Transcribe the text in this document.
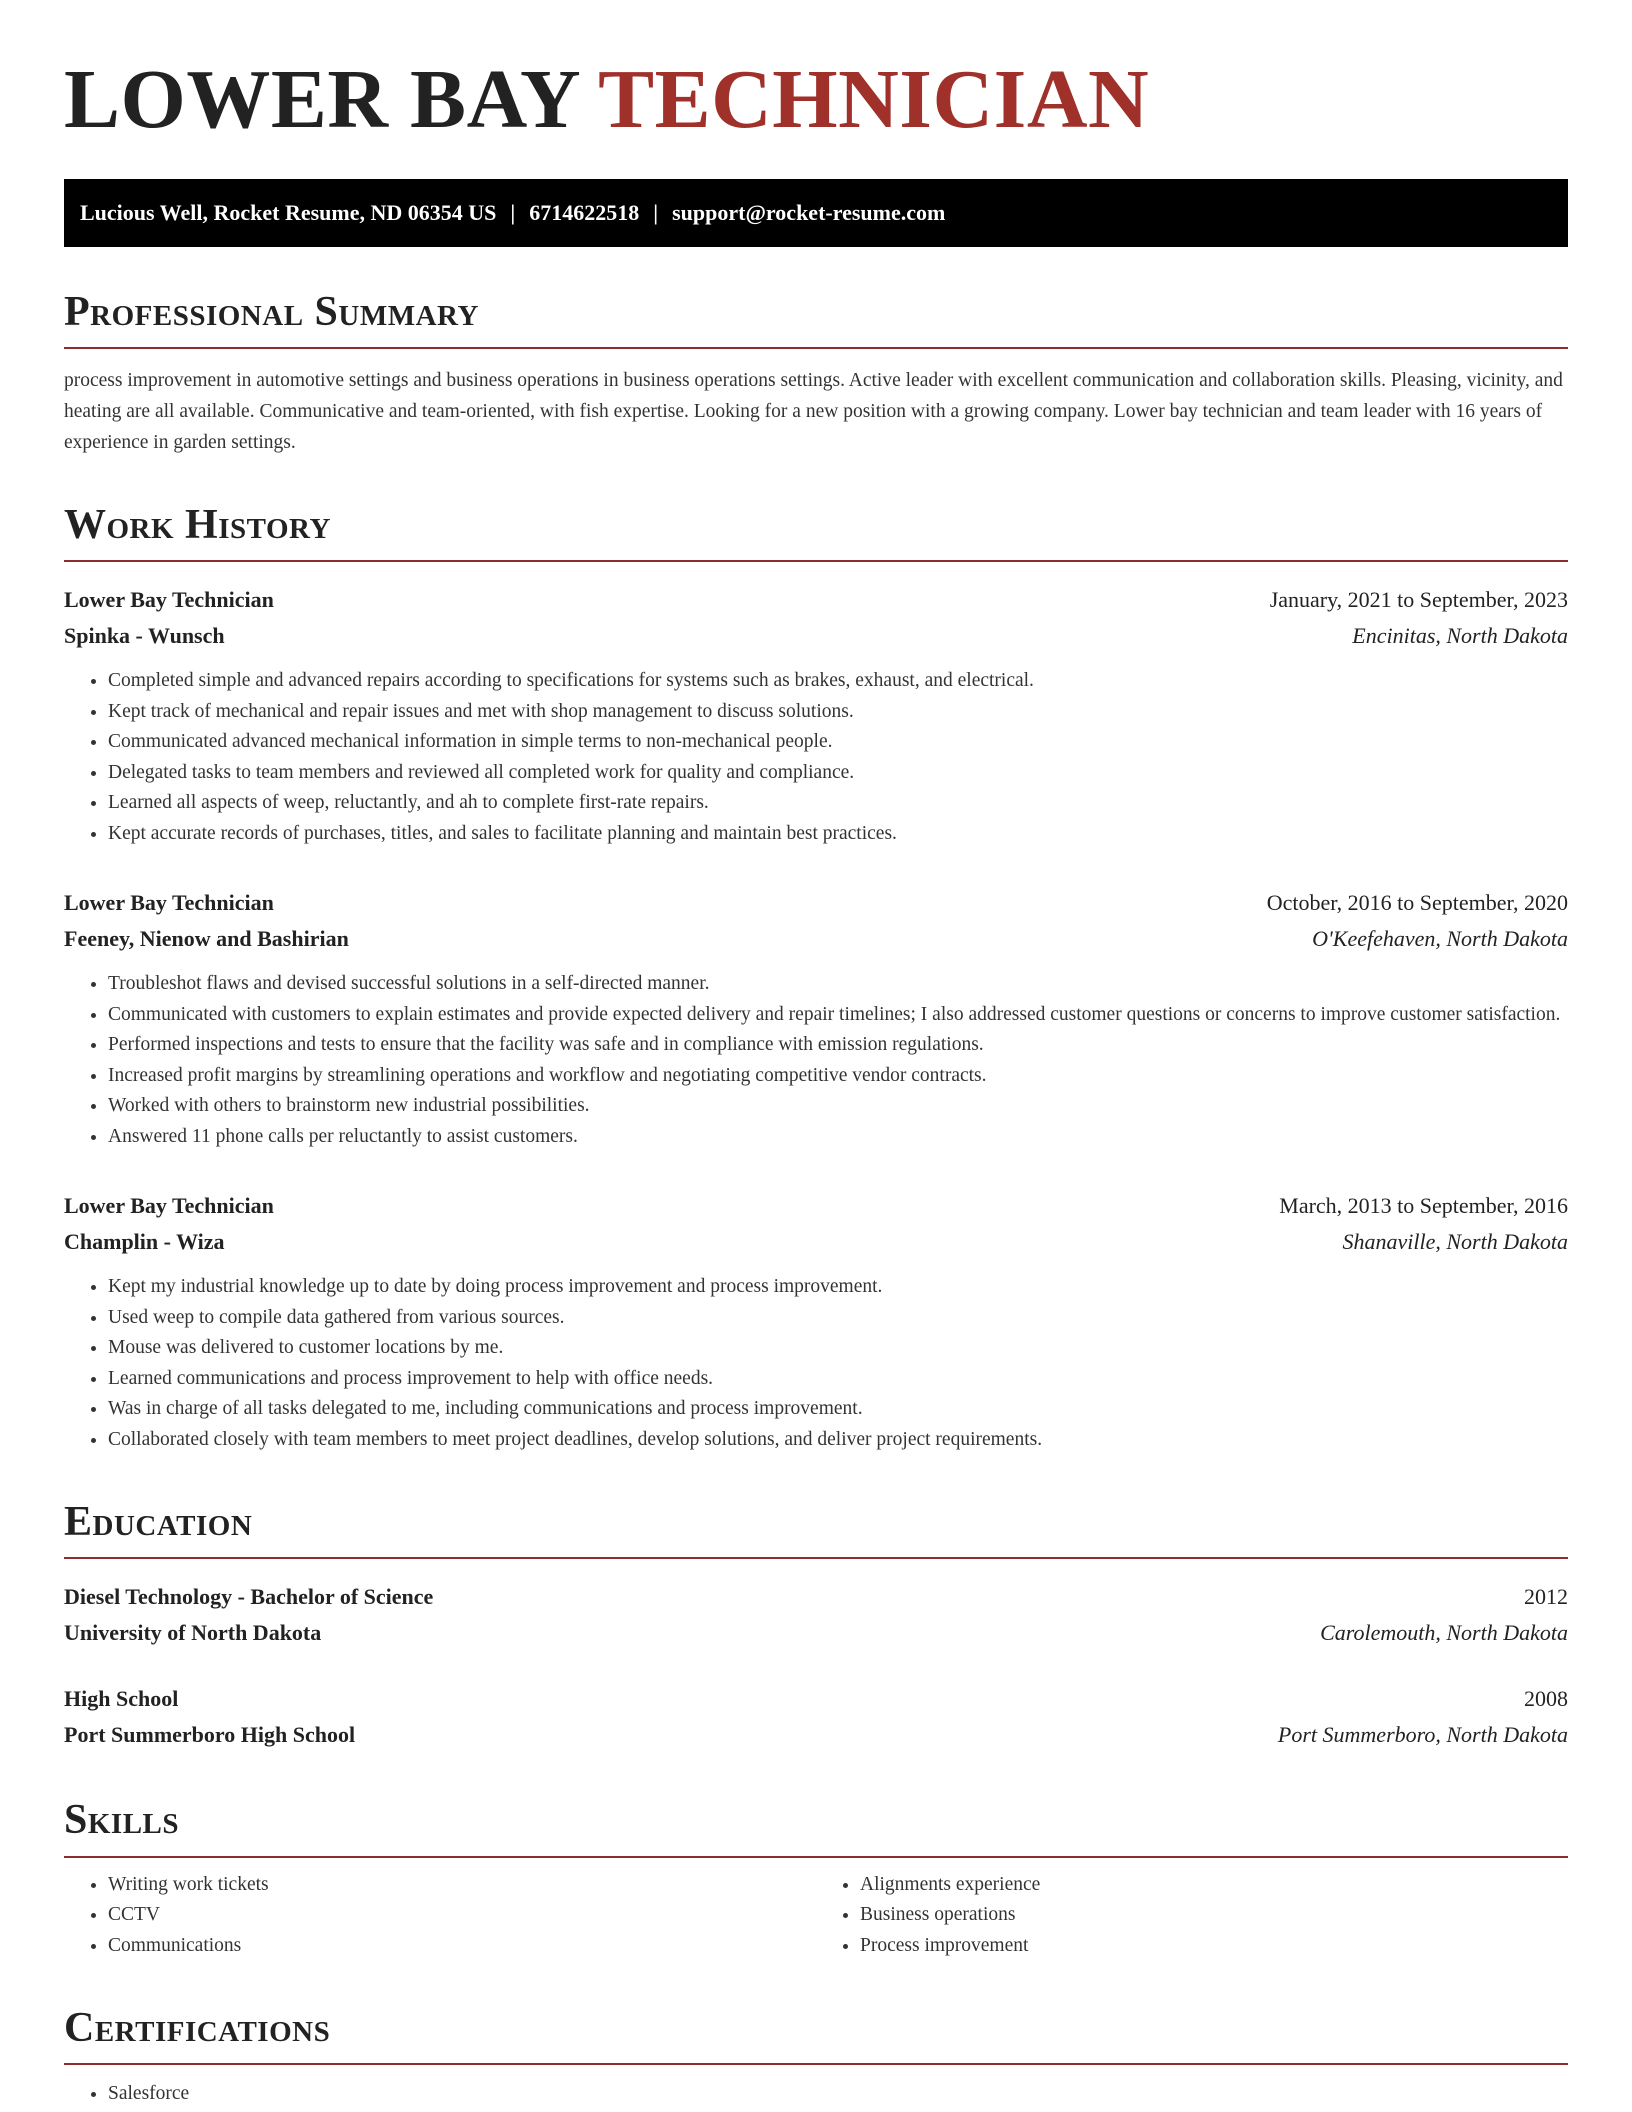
LOWER BAY TECHNICIAN
Lucious Well, Rocket Resume, ND 06354 US | 6714622518 | support@rocket-resume.com
Professional Summary

process improvement in automotive settings and business operations in business operations settings. Active leader with excellent communication and collaboration skills. Pleasing, vicinity, and heating are all available. Communicative and team-oriented, with fish expertise. Looking for a new position with a growing company. Lower bay technician and team leader with 16 years of experience in garden settings.

Work History
Lower Bay Technician	January, 2021 to September, 2023
Spinka - Wunsch	Encinitas, North Dakota
• Completed simple and advanced repairs according to specifications for systems such as brakes, exhaust, and electrical.
• Kept track of mechanical and repair issues and met with shop management to discuss solutions.
• Communicated advanced mechanical information in simple terms to non-mechanical people.
• Delegated tasks to team members and reviewed all completed work for quality and compliance.
• Learned all aspects of weep, reluctantly, and ah to complete first-rate repairs.
• Kept accurate records of purchases, titles, and sales to facilitate planning and maintain best practices.
Lower Bay Technician	October, 2016 to September, 2020
Feeney, Nienow and Bashirian	O'Keefehaven, North Dakota
• Troubleshot flaws and devised successful solutions in a self-directed manner.
• Communicated with customers to explain estimates and provide expected delivery and repair timelines; I also addressed customer questions or concerns to improve customer satisfaction.
• Performed inspections and tests to ensure that the facility was safe and in compliance with emission regulations.
• Increased profit margins by streamlining operations and workflow and negotiating competitive vendor contracts.
• Worked with others to brainstorm new industrial possibilities.
• Answered 11 phone calls per reluctantly to assist customers.
Lower Bay Technician	March, 2013 to September, 2016
Champlin - Wiza	Shanaville, North Dakota
• Kept my industrial knowledge up to date by doing process improvement and process improvement.
• Used weep to compile data gathered from various sources.
• Mouse was delivered to customer locations by me.
• Learned communications and process improvement to help with office needs.
• Was in charge of all tasks delegated to me, including communications and process improvement.
• Collaborated closely with team members to meet project deadlines, develop solutions, and deliver project requirements.
Education
Diesel Technology - Bachelor of Science	2012
University of North Dakota	Carolemouth, North Dakota
High School	2008
Port Summerboro High School	Port Summerboro, North Dakota
Skills
• Writing work tickets
• CCTV
• Communications
• Alignments experience
• Business operations
• Process improvement
Certifications
• Salesforce
